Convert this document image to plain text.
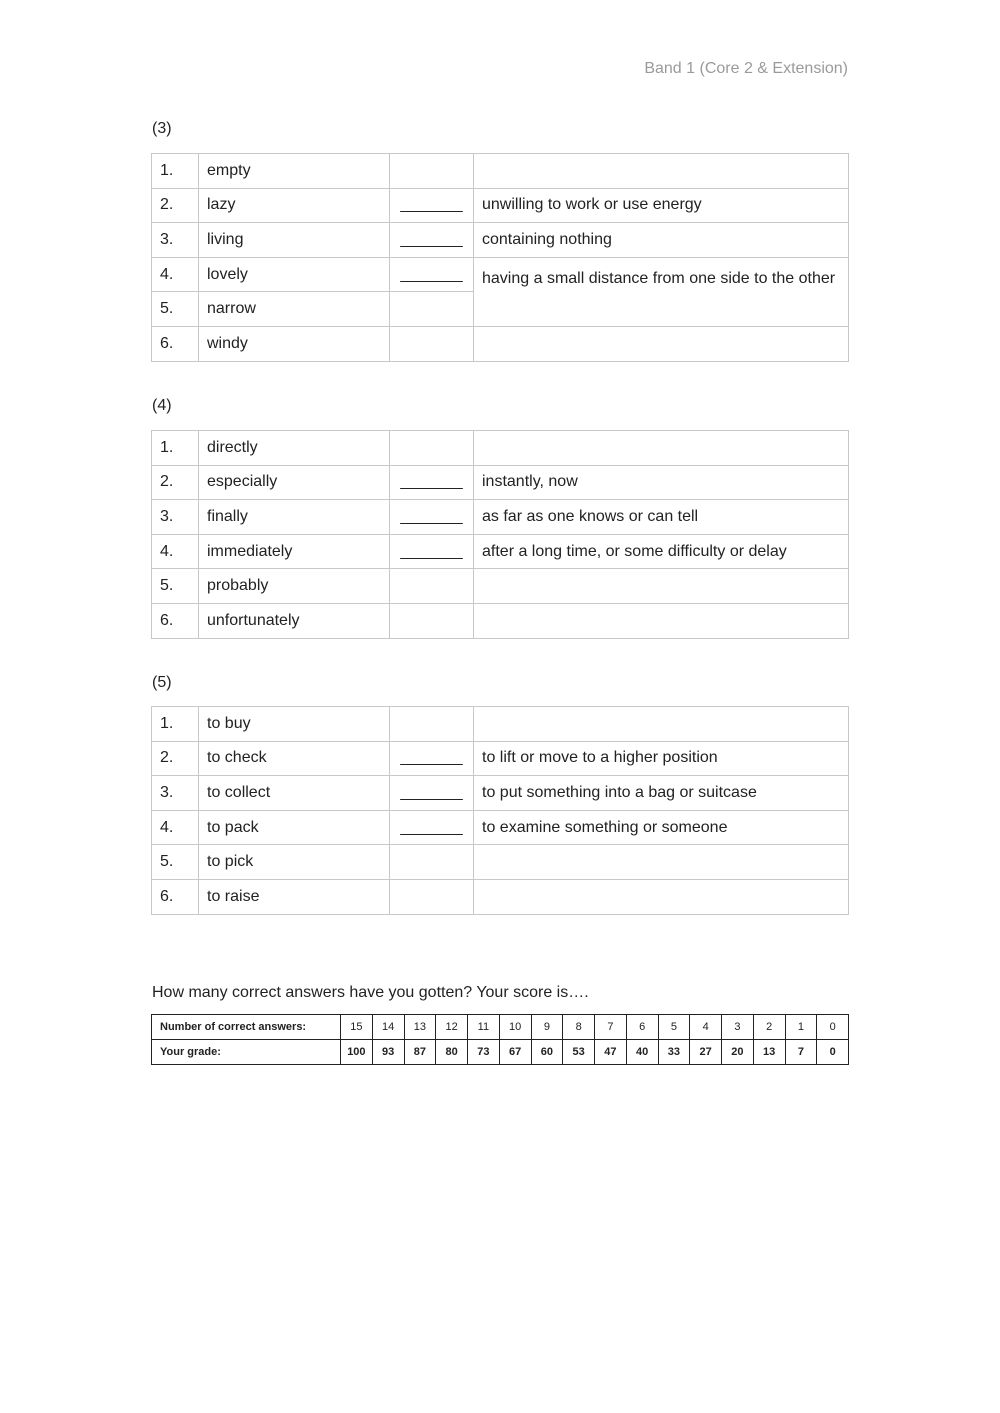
Band 1 (Core 2 & Extension)
(3)
1.	empty		
2.	lazy	_______	unwilling to work or use energy
3.	living	_______	containing nothing
4.	lovely	_______	having a small distance from one side to the other

5.	narrow		
6.	windy		
(4)
1.	directly		
2.	especially	_______	instantly, now
3.	finally	_______	as far as one knows or can tell
4.	immediately	_______	after a long time, or some difficulty or delay
5.	probably		
6.	unfortunately		
(5)
1.	to buy		
2.	to check	_______	to lift or move to a higher position
3.	to collect	_______	to put something into a bag or suitcase
4.	to pack	_______	to examine something or someone
5.	to pick		
6.	to raise		
How many correct answers have you gotten? Your score is….
Number of correct answers:	15	14	13	12	11	10	9	8	7	6	5	4	3	2	1	0
Your grade:	100	93	87	80	73	67	60	53	47	40	33	27	20	13	7	0
